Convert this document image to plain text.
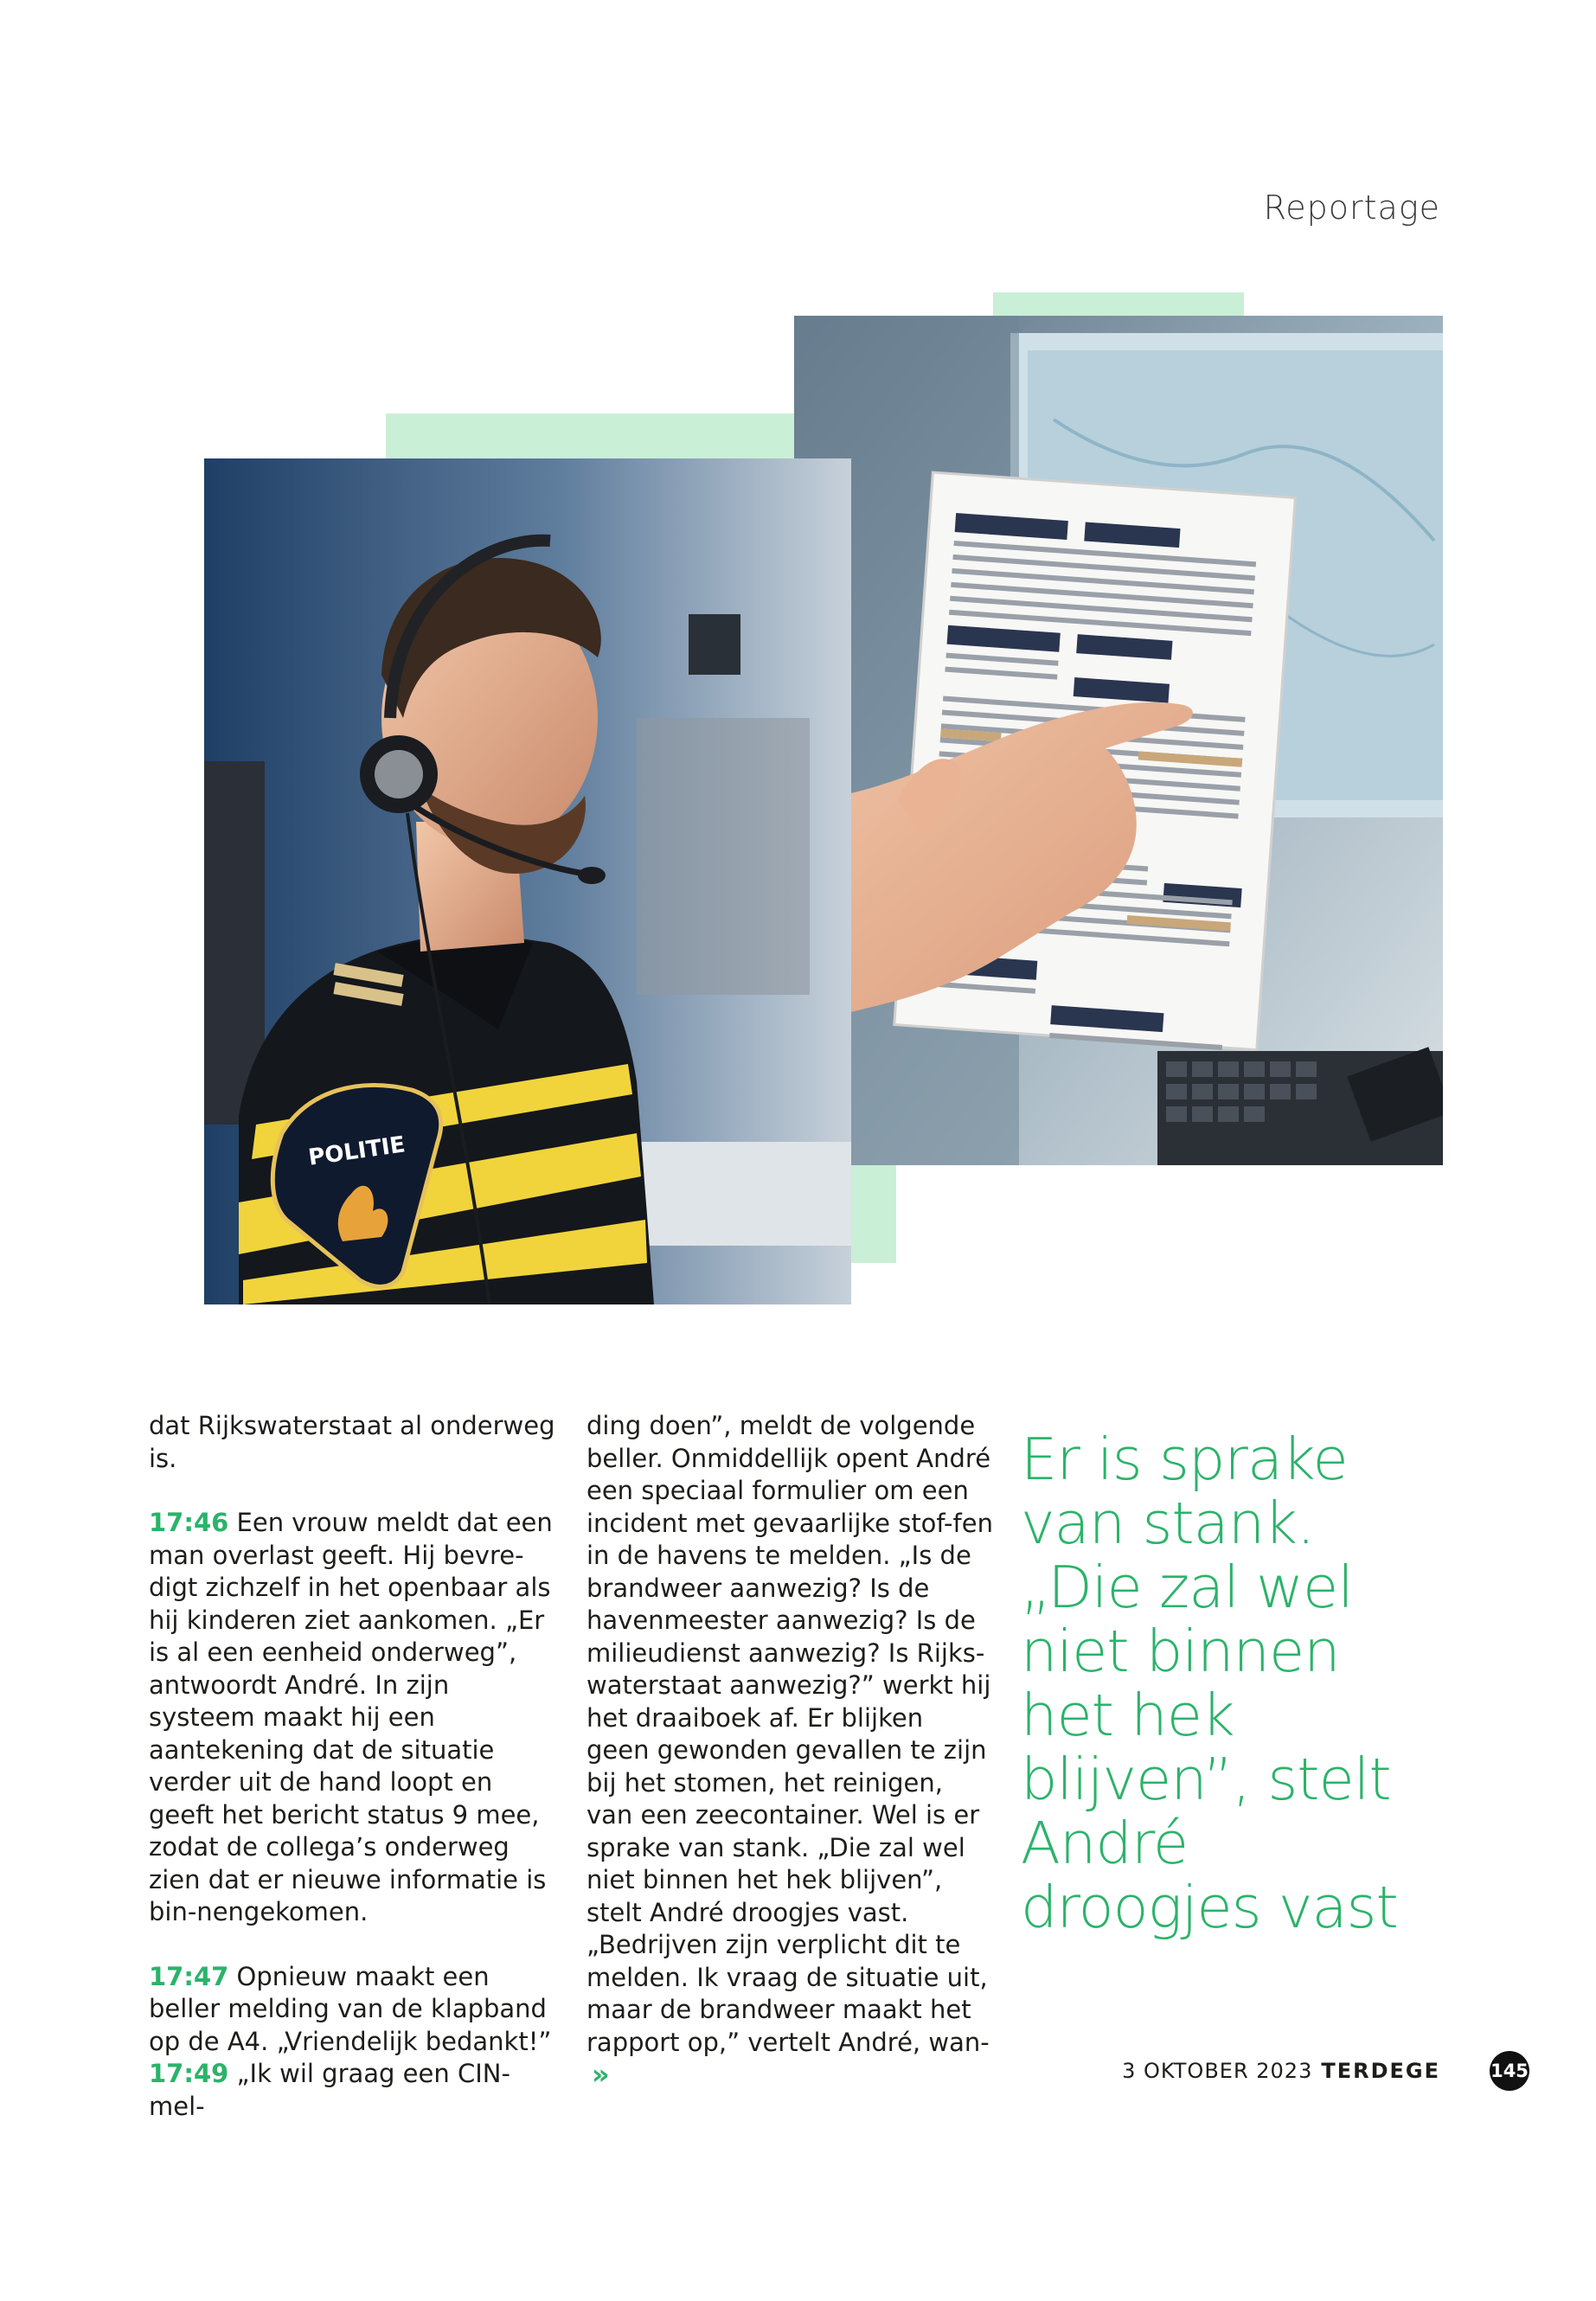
Reportage
POLITIE

dat Rijkswaterstaat al onderweg is.

17:46 Een vrouw meldt dat een man overlast geeft. Hij bevre-digt zichzelf in het openbaar als hij kinderen ziet aankomen. „Er is al een eenheid onderweg”, antwoordt André. In zijn systeem maakt hij een aantekening dat de situatie verder uit de hand loopt en geeft het bericht status 9 mee, zodat de collega’s onderweg zien dat er nieuwe informatie is bin-nengekomen.

17:47 Opnieuw maakt een beller melding van de klapband op de A4. „Vriendelijk bedankt!”

17:49 „Ik wil graag een CIN-mel-

ding doen”, meldt de volgende beller. Onmiddellijk opent André een speciaal formulier om een incident met gevaarlijke stof-fen in de havens te melden. „Is de brandweer aanwezig? Is de havenmeester aanwezig? Is de milieudienst aanwezig? Is Rijks-waterstaat aanwezig?” werkt hij het draaiboek af. Er blijken geen gewonden gevallen te zijn bij het stomen, het reinigen, van een zeecontainer. Wel is er sprake van stank. „Die zal wel niet binnen het hek blijven”, stelt André droogjes vast. „Bedrijven zijn verplicht dit te melden. Ik vraag de situatie uit, maar de brandweer maakt het rapport op,” vertelt André, wan-»

Er is sprake van stank. „Die zal wel niet binnen het hek blijven”, stelt André droogjes vast
3 OKTOBER 2023 TERDEGE	145
